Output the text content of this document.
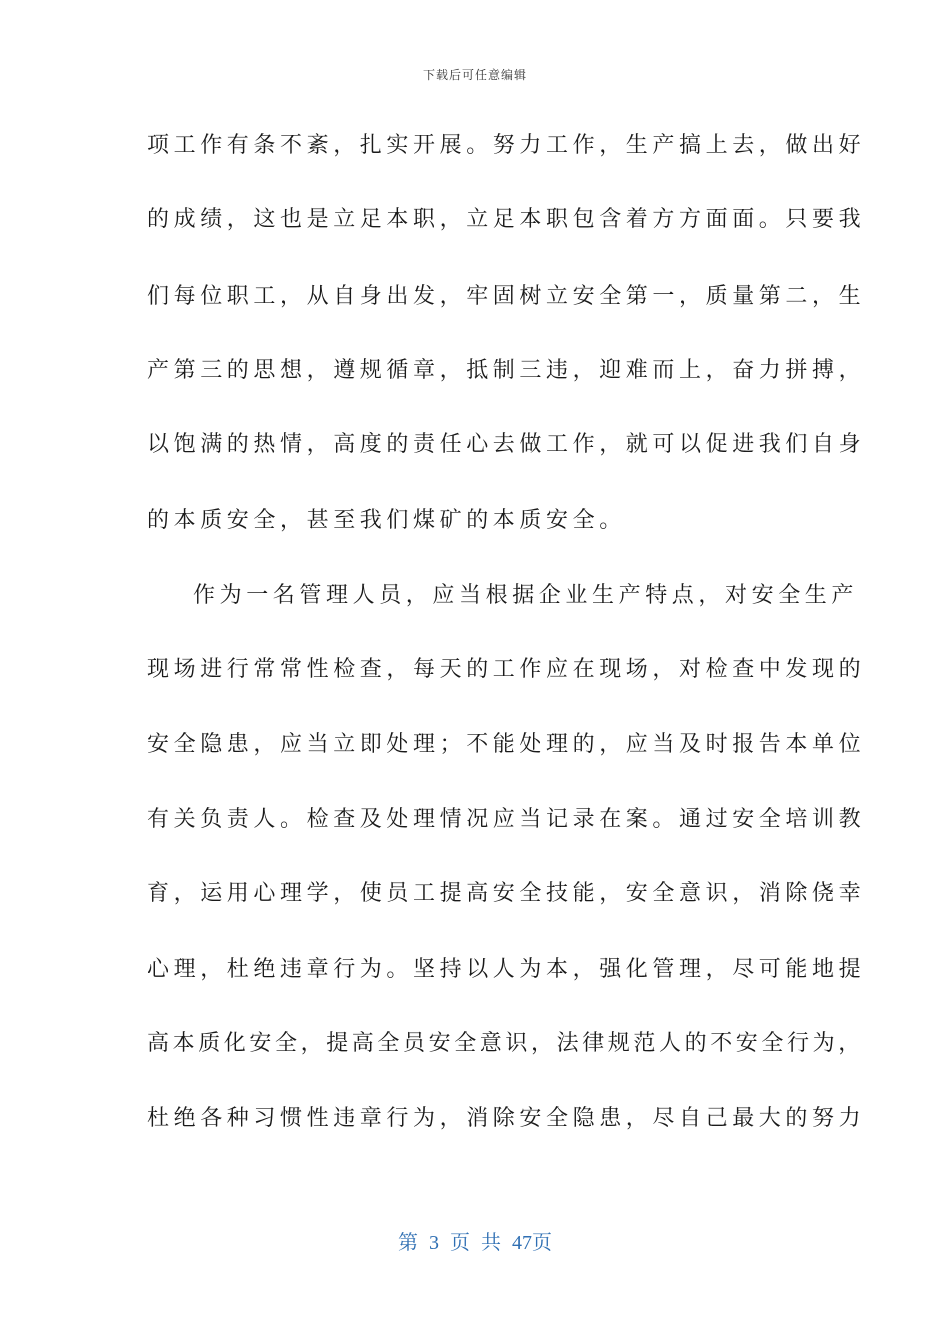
下载后可任意编辑
项工作有条不紊，扎实开展。努力工作，生产搞上去，做出好
的成绩，这也是立足本职，立足本职包含着方方面面。只要我
们每位职工，从自身出发，牢固树立安全第一，质量第二，生
产第三的思想，遵规循章，抵制三违，迎难而上，奋力拼搏，
以饱满的热情，高度的责任心去做工作，就可以促进我们自身
的本质安全，甚至我们煤矿的本质安全。
作为一名管理人员，应当根据企业生产特点，对安全生产
现场进行常常性检查，每天的工作应在现场，对检查中发现的
安全隐患，应当立即处理；不能处理的，应当及时报告本单位
有关负责人。检查及处理情况应当记录在案。通过安全培训教
育，运用心理学，使员工提高安全技能，安全意识，消除侥幸
心理，杜绝违章行为。坚持以人为本，强化管理，尽可能地提
高本质化安全，提高全员安全意识，法律规范人的不安全行为，
杜绝各种习惯性违章行为，消除安全隐患，尽自己最大的努力
第 3 页 共 47页
